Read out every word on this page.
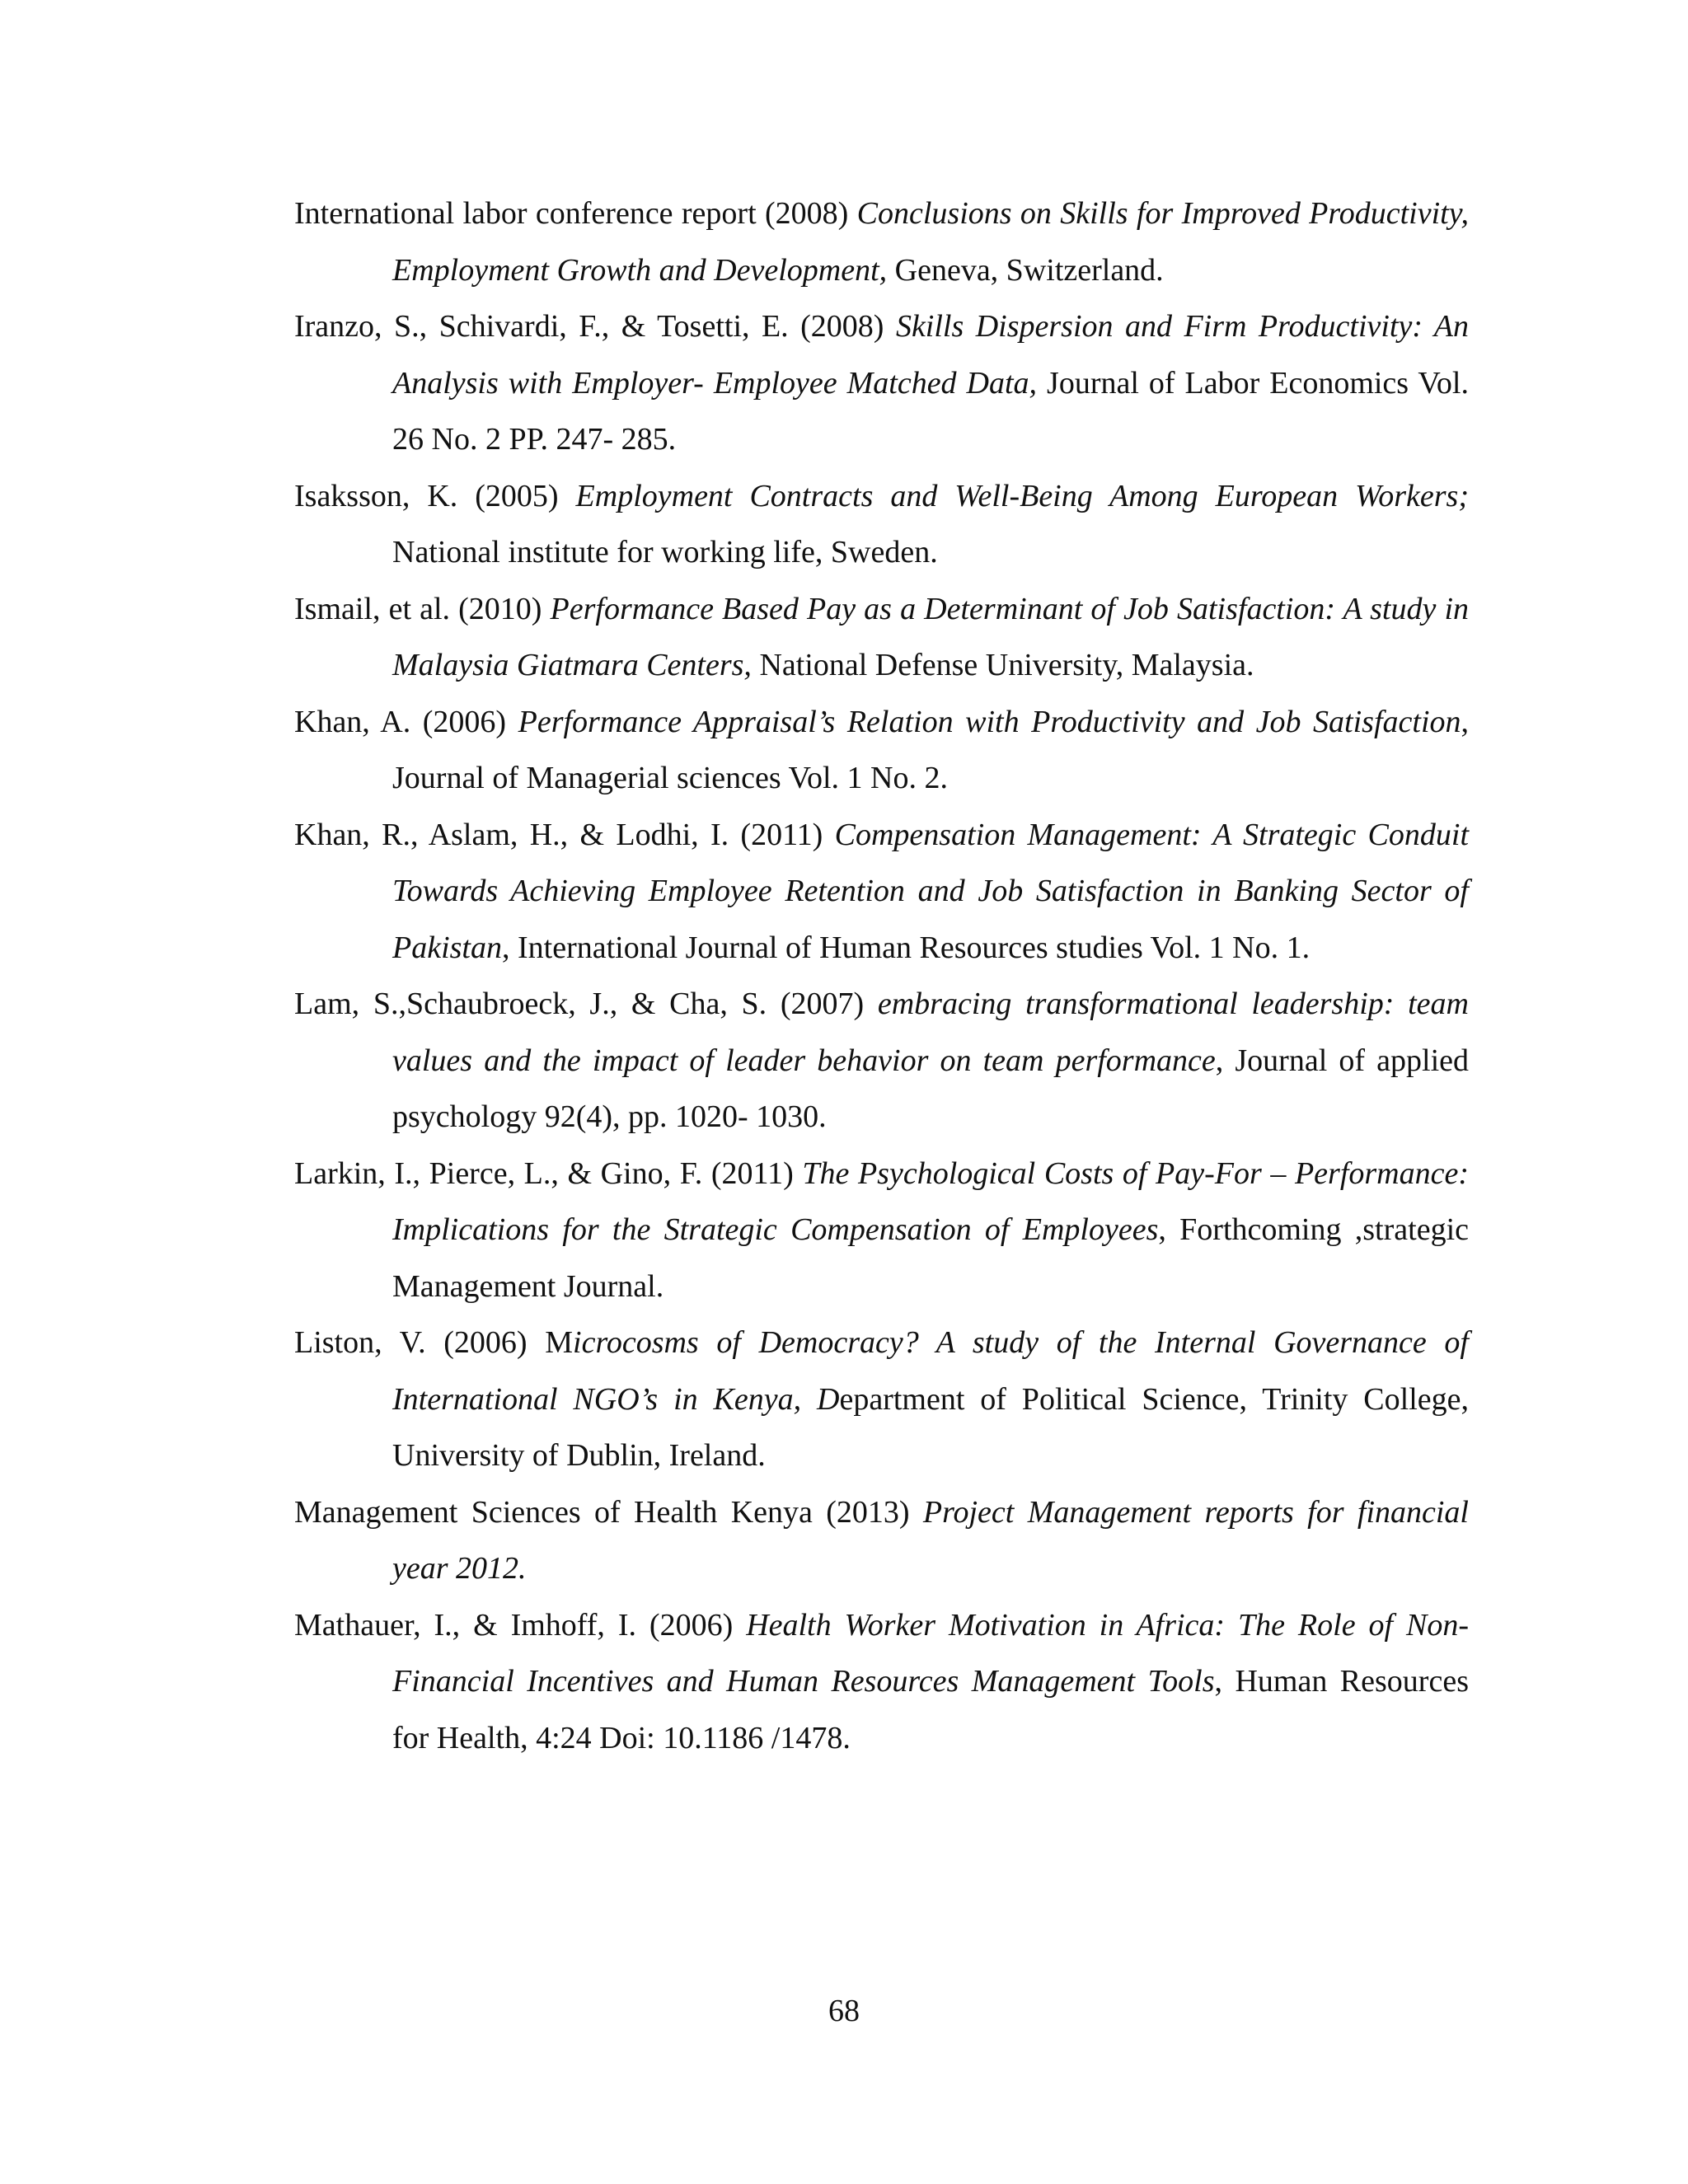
International labor conference report (2008) Conclusions on Skills for Improved Productivity, Employment Growth and Development, Geneva, Switzerland.

Iranzo, S., Schivardi, F., & Tosetti, E. (2008) Skills Dispersion and Firm Productivity: An Analysis with Employer- Employee Matched Data, Journal of Labor Economics Vol. 26 No. 2 PP. 247- 285.

Isaksson, K. (2005) Employment Contracts and Well-Being Among European Workers; National institute for working life, Sweden.

Ismail, et al. (2010) Performance Based Pay as a Determinant of Job Satisfaction: A study in Malaysia Giatmara Centers, National Defense University, Malaysia.

Khan, A. (2006) Performance Appraisal’s Relation with Productivity and Job Satisfaction, Journal of Managerial sciences Vol. 1 No. 2.

Khan, R., Aslam, H., & Lodhi, I. (2011) Compensation Management: A Strategic Conduit Towards Achieving Employee Retention and Job Satisfaction in Banking Sector of Pakistan, International Journal of Human Resources studies Vol. 1 No. 1.

Lam, S.,Schaubroeck, J., & Cha, S. (2007) embracing transformational leadership: team values and the impact of leader behavior on team performance, Journal of applied psychology 92(4), pp. 1020- 1030.

Larkin, I., Pierce, L., & Gino, F. (2011) The Psychological Costs of Pay-For – Performance: Implications for the Strategic Compensation of Employees, Forthcoming ,strategic Management Journal.

Liston, V. (2006) Microcosms of Democracy? A study of the Internal Governance of International NGO’s in Kenya, Department of Political Science, Trinity College, University of Dublin, Ireland.

Management Sciences of Health Kenya (2013) Project Management reports for financial year 2012.

Mathauer, I., & Imhoff, I. (2006) Health Worker Motivation in Africa: The Role of Non-Financial Incentives and Human Resources Management Tools, Human Resources for Health, 4:24 Doi: 10.1186 /1478.

68
